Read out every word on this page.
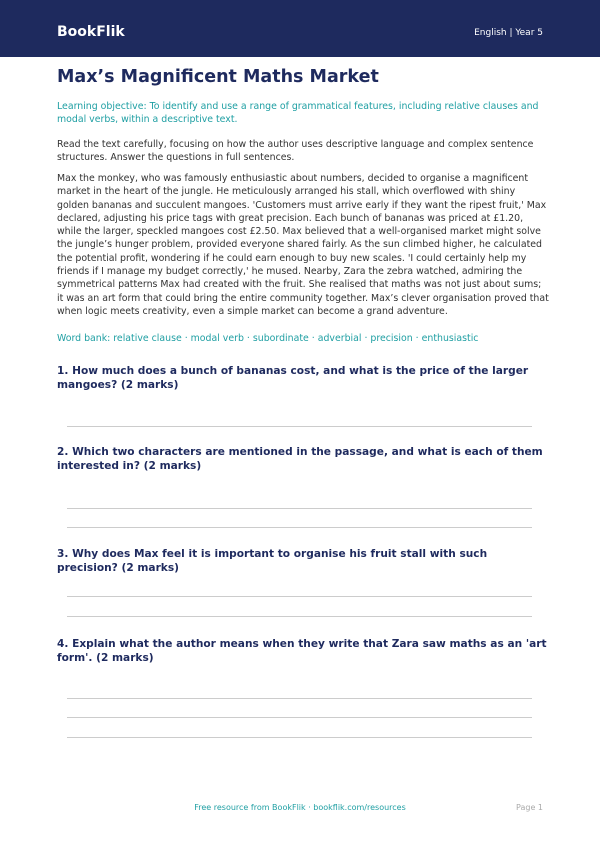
BookFlik	English | Year 5
Max’s Magnificent Maths Market

Learning objective: To identify and use a range of grammatical features, including relative clauses and modal verbs, within a descriptive text.

Read the text carefully, focusing on how the author uses descriptive language and complex sentence structures. Answer the questions in full sentences.

Max the monkey, who was famously enthusiastic about numbers, decided to organise a magnificent market in the heart of the jungle. He meticulously arranged his stall, which overflowed with shiny golden bananas and succulent mangoes. 'Customers must arrive early if they want the ripest fruit,' Max declared, adjusting his price tags with great precision. Each bunch of bananas was priced at £1.20, while the larger, speckled mangoes cost £2.50. Max believed that a well-organised market might solve the jungle’s hunger problem, provided everyone shared fairly. As the sun climbed higher, he calculated the potential profit, wondering if he could earn enough to buy new scales. 'I could certainly help my friends if I manage my budget correctly,' he mused. Nearby, Zara the zebra watched, admiring the symmetrical patterns Max had created with the fruit. She realised that maths was not just about sums; it was an art form that could bring the entire community together. Max’s clever organisation proved that when logic meets creativity, even a simple market can become a grand adventure.

Word bank: relative clause · modal verb · subordinate · adverbial · precision · enthusiastic

1. How much does a bunch of bananas cost, and what is the price of the larger mangoes? (2 marks)

2. Which two characters are mentioned in the passage, and what is each of them interested in? (2 marks)

3. Why does Max feel it is important to organise his fruit stall with such precision? (2 marks)

4. Explain what the author means when they write that Zara saw maths as an 'art form'. (2 marks)

Free resource from BookFlik · bookflik.com/resources	Page 1
